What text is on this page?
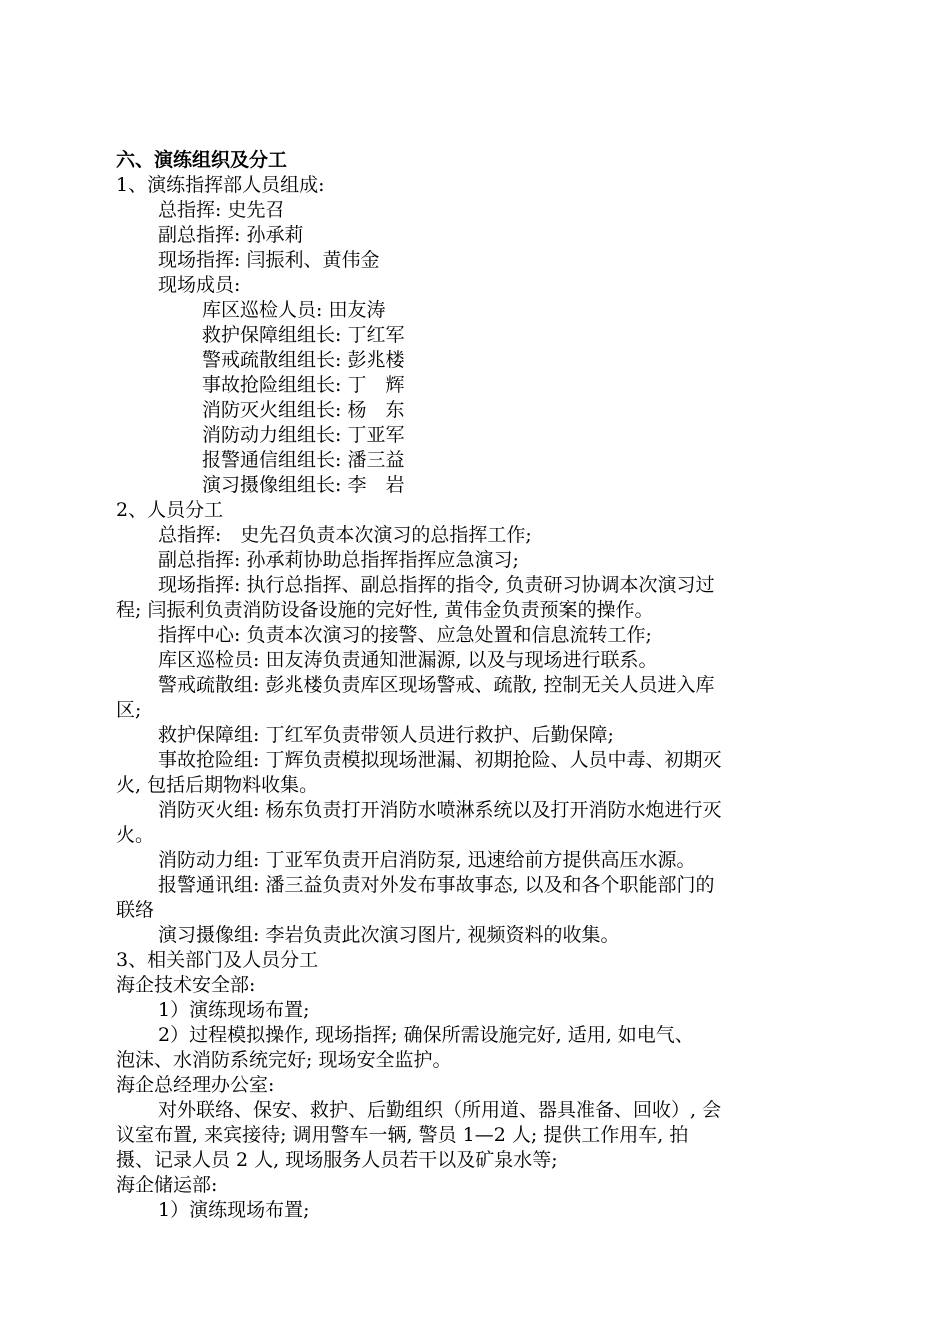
六、演练组织及分工
1、演练指挥部人员组成:
总指挥: 史先召
副总指挥: 孙承莉
现场指挥: 闫振利、黄伟金
现场成员:
库区巡检人员: 田友涛
救护保障组组长: 丁红军
警戒疏散组组长: 彭兆楼
事故抢险组组长: 丁　辉
消防灭火组组长: 杨　东
消防动力组组长: 丁亚军
报警通信组组长: 潘三益
演习摄像组组长: 李　岩
2、人员分工
总指挥:　史先召负责本次演习的总指挥工作;
副总指挥: 孙承莉协助总指挥指挥应急演习;
现场指挥: 执行总指挥、副总指挥的指令, 负责研习协调本次演习过
程; 闫振利负责消防设备设施的完好性, 黄伟金负责预案的操作。
指挥中心: 负责本次演习的接警、应急处置和信息流转工作;
库区巡检员: 田友涛负责通知泄漏源, 以及与现场进行联系。
警戒疏散组: 彭兆楼负责库区现场警戒、疏散, 控制无关人员进入库
区;
救护保障组: 丁红军负责带领人员进行救护、后勤保障;
事故抢险组: 丁辉负责模拟现场泄漏、初期抢险、人员中毒、初期灭
火, 包括后期物料收集。
消防灭火组: 杨东负责打开消防水喷淋系统以及打开消防水炮进行灭
火。
消防动力组: 丁亚军负责开启消防泵, 迅速给前方提供高压水源。
报警通讯组: 潘三益负责对外发布事故事态, 以及和各个职能部门的
联络
演习摄像组: 李岩负责此次演习图片, 视频资料的收集。
3、相关部门及人员分工
海企技术安全部:
1）演练现场布置;
2）过程模拟操作, 现场指挥; 确保所需设施完好, 适用, 如电气、
泡沫、水消防系统完好; 现场安全监护。
海企总经理办公室:
对外联络、保安、救护、后勤组织（所用道、器具准备、回收）, 会
议室布置, 来宾接待; 调用警车一辆, 警员 1—2 人; 提供工作用车, 拍
摄、记录人员 2 人, 现场服务人员若干以及矿泉水等;
海企储运部:
1）演练现场布置;
